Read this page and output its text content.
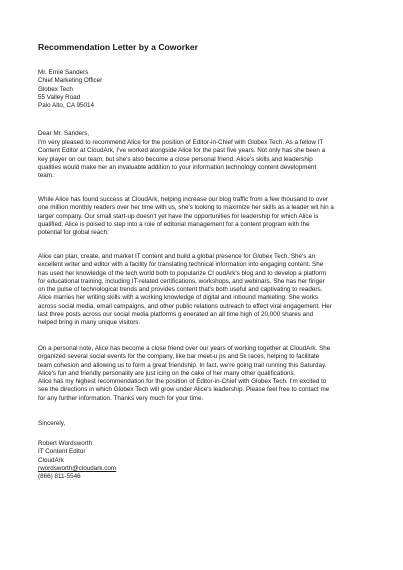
Recommendation Letter by a Coworker
Mr. Ernie Sanders
Chief Marketing Officer
Globex Tech
55 Valley Road
Palo Alto, CA 95014
Dear Mr. Sanders,
I'm very pleased to recommend Alice for the position of Editor-in-Chief with Globex Tech. As a fellow IT
Content Editor at CloudArk, I've worked alongside Alice for the past five years. Not only has she been a
key player on our team, but she's also become a close personal friend. Alice's skills and leadership
qualities would make her an invaluable addition to your information technology content development
team.
While Alice has found success at CloudArk, helping increase our blog traffic from a few thousand to over
one million monthly readers over her time with us, she's looking to maximize her skills as a leader wit hin a
larger company. Our small start-up doesn't yet have the opportunities for leadership for which Alice is
qualified. Alice is poised to step into a role of editorial management for a content program with the
potential for global reach.
Alice can plan, create, and market IT content and build a global presence for Globex Tech. She's an
excellent writer and editor with a facility for translating technical information into engaging content. She
has used her knowledge of the tech world both to popularize Cl oudArk's blog and to develop a platform
for educational training, including IT-related certifications, workshops, and webinars. She has her finger
on the pulse of technological trends and provides content that's both useful and captivating to readers.
Alice marries her writing skills with a working knowledge of digital and inbound marketing. She works
across social media, email campaigns, and other public relations outreach to effect viral engagement. Her
last three posts across our social media platforms g enerated an all time high of 20,000 shares and
helped bring in many unique visitors.
On a personal note, Alice has become a close friend over our years of working together at CloudArk. She
organized several social events for the company, like bar meet-u ps and 5k races, helping to facilitate
team cohesion and allowing us to form a great friendship. In fact, we're going trail running this Saturday.
Alice's fun and friendly personality are just icing on the cake of her many other qualifications.
Alice has my highest recommendation for the position of Editor-in-Chief with Globex Tech. I'm excited to
see the directions in which Globex Tech will grow under Alice's leadership. Please feel free to contact me
for any further information. Thanks very much for your time.
Sincerely,
Robert Wordsworth
IT Content Editor
CloudArk
rwordsworth@cloudark.com
(866) 811-5546
